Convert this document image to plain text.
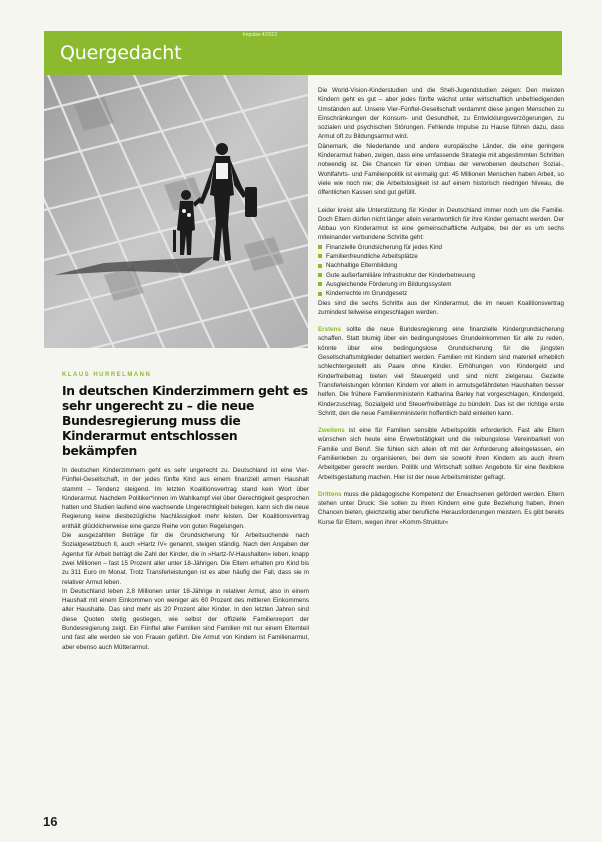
Impulse 4/2013
Quergedacht
KLAUS HURRELMANN
In deutschen Kinderzimmern geht es sehr ungerecht zu – die neue Bundesregierung muss die Kinderarmut entschlossen bekämpfen

In deutschen Kinderzimmern geht es sehr ungerecht zu. Deutschland ist eine Vier-Fünftel-Gesellschaft, in der jedes fünfte Kind aus einem finanziell armen Haushalt stammt – Tendenz steigend. Im letzten Koalitionsvertrag stand kein Wort über Kinderarmut. Nachdem Politiker*innen im Wahlkampf viel über Gerechtigkeit gesprochen hatten und Studien laufend eine wachsende Ungerechtigkeit belegen, kann sich die neue Regierung keine diesbezügliche Nachlässigkeit mehr leisten. Der Koalitionsvertrag enthält glücklicherweise eine ganze Reihe von guten Regelungen.

Die ausgezahlten Beträge für die Grundsicherung für Arbeitsuchende nach Sozialgesetzbuch II, auch »Hartz IV« genannt, steigen ständig. Nach den Angaben der Agentur für Arbeit beträgt die Zahl der Kinder, die in »Hartz-IV-Haushalten« leben, knapp zwei Millionen – fast 15 Prozent aller unter 18-Jährigen. Die Eltern erhalten pro Kind bis zu 311 Euro im Monat. Trotz Transferleistungen ist es aber häufig der Fall, dass sie in relativer Armut leben.

In Deutschland leben 2,8 Millionen unter 18-Jährige in relativer Armut, also in einem Haushalt mit einem Einkommen von weniger als 60 Prozent des mittleren Einkommens aller Haushalte. Das sind mehr als 20 Prozent aller Kinder. In den letzten Jahren sind diese Quoten stetig gestiegen, wie selbst der offizielle Familienreport der Bundesregierung zeigt. Ein Fünftel aller Familien sind Familien mit nur einem Elternteil und fast alle werden sie von Frauen geführt. Die Armut von Kindern ist Familienarmut, aber ebenso auch Mütterarmut.

Die World-Vision-Kinderstudien und die Shell-Jugendstudien zeigen: Den meisten Kindern geht es gut – aber jedes fünfte wächst unter wirtschaftlich unbefriedigenden Umständen auf. Unsere Vier-Fünftel-Gesellschaft verdammt diese jungen Menschen zu Einschränkungen der Konsum- und Gesundheit, zu Entwicklungsverzögerungen, zu sozialen und psychischen Störungen. Fehlende Impulse zu Hause führen dazu, dass Armut oft zu Bildungsarmut wird.

Dänemark, die Niederlande und andere europäische Länder, die eine geringere Kinderarmut haben, zeigen, dass eine umfassende Strategie mit abgestimmten Schritten notwendig ist. Die Chancen für einen Umbau der verwobenen deutschen Sozial-, Wohlfahrts- und Familienpolitik ist einmalig gut: 45 Millionen Menschen haben Arbeit, so viele wie noch nie; die Arbeitslosigkeit ist auf einem historisch niedrigen Niveau, die öffentlichen Kassen sind gut gefüllt.

Leider kreist alle Unterstützung für Kinder in Deutschland immer noch um die Familie. Doch Eltern dürfen nicht länger allein verantwortlich für ihre Kinder gemacht werden. Der Abbau von Kinderarmut ist eine gemeinschaftliche Aufgabe, bei der es um sechs miteinander verbundene Schritte geht:

Finanzielle Grundsicherung für jedes Kind
Familienfreundliche Arbeitsplätze
Nachhaltige Elternbildung
Gute außerfamiliäre Infrastruktur der Kinderbetreuung
Ausgleichende Förderung im Bildungssystem
Kinderrechte im Grundgesetz

Dies sind die sechs Schritte aus der Kinderarmut, die im neuen Koalitionsvertrag zumindest teilweise eingeschlagen werden.

Erstens sollte die neue Bundesregierung eine finanzielle Kindergrundsicherung schaffen. Statt blumig über ein bedingungsloses Grundeinkommen für alle zu reden, könnte über eine bedingungslose Grundsicherung für die jüngsten Gesellschaftsmitglieder debattiert werden. Familien mit Kindern sind materiell erheblich schlechtergestellt als Paare ohne Kinder. Erhöhungen von Kindergeld und Kinderfreibetrag bieten viel Steuergeld und sind nicht zielgenau. Gezielte Transferleistungen könnten Kindern vor allem in armutsgefährdeten Haushalten besser helfen. Die frühere Familienministerin Katharina Barley hat vorgeschlagen, Kindergeld, Kinderzuschlag, Sozialgeld und Steuerfreibeträge zu bündeln. Das ist der richtige erste Schritt, den die neue Familienministerin hoffentlich bald einleiten kann.

Zweitens ist eine für Familien sensible Arbeitspolitik erforderlich. Fast alle Eltern wünschen sich heute eine Erwerbstätigkeit und die reibungslose Vereinbarkeit von Familie und Beruf. Sie fühlen sich allein oft mit der Anforderung alleingelassen, ein Familienleben zu organisieren, bei dem sie sowohl ihren Kindern als auch ihrem Arbeitgeber gerecht werden. Politik und Wirtschaft sollten Angebote für eine flexiblere Arbeitsgestaltung machen. Hier ist der neue Arbeitsminister gefragt.

Drittens muss die pädagogische Kompetenz der Erwachsenen gefördert werden. Eltern stehen unter Druck: Sie sollen zu ihren Kindern eine gute Beziehung haben, ihnen Chancen bieten, gleichzeitig aber berufliche Herausforderungen meistern. Es gibt bereits Kurse für Eltern, wegen ihrer »Komm-Struktur«

16
